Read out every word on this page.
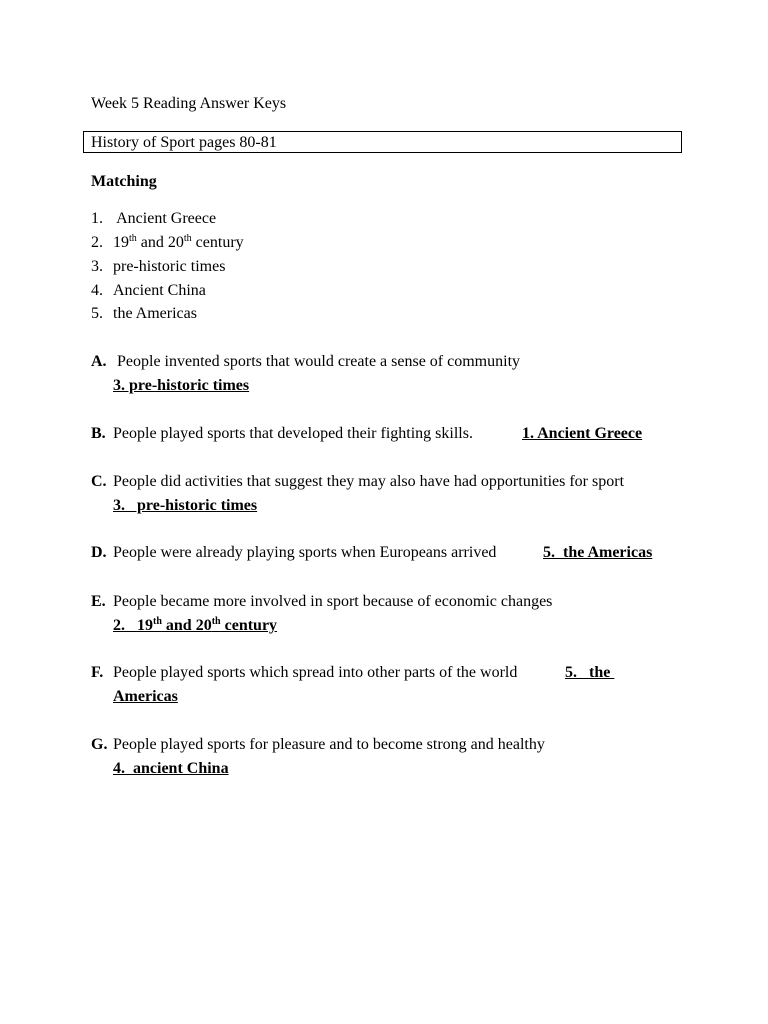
Week 5 Reading Answer Keys
History of Sport pages 80-81
Matching
1. Ancient Greece
2. 19th and 20th century
3. pre-historic times
4. Ancient China
5. the Americas
A. People invented sports that would create a sense of community
3. pre-historic times
B. People played sports that developed their fighting skills.	1. Ancient Greece
C. People did activities that suggest they may also have had opportunities for sport
3.   pre-historic times
D. People were already playing sports when Europeans arrived	5.  the Americas
E. People became more involved in sport because of economic changes
2.   19th and 20th century
F. People played sports which spread into other parts of the world	5.   the
Americas
G. People played sports for pleasure and to become strong and healthy
4.  ancient China
